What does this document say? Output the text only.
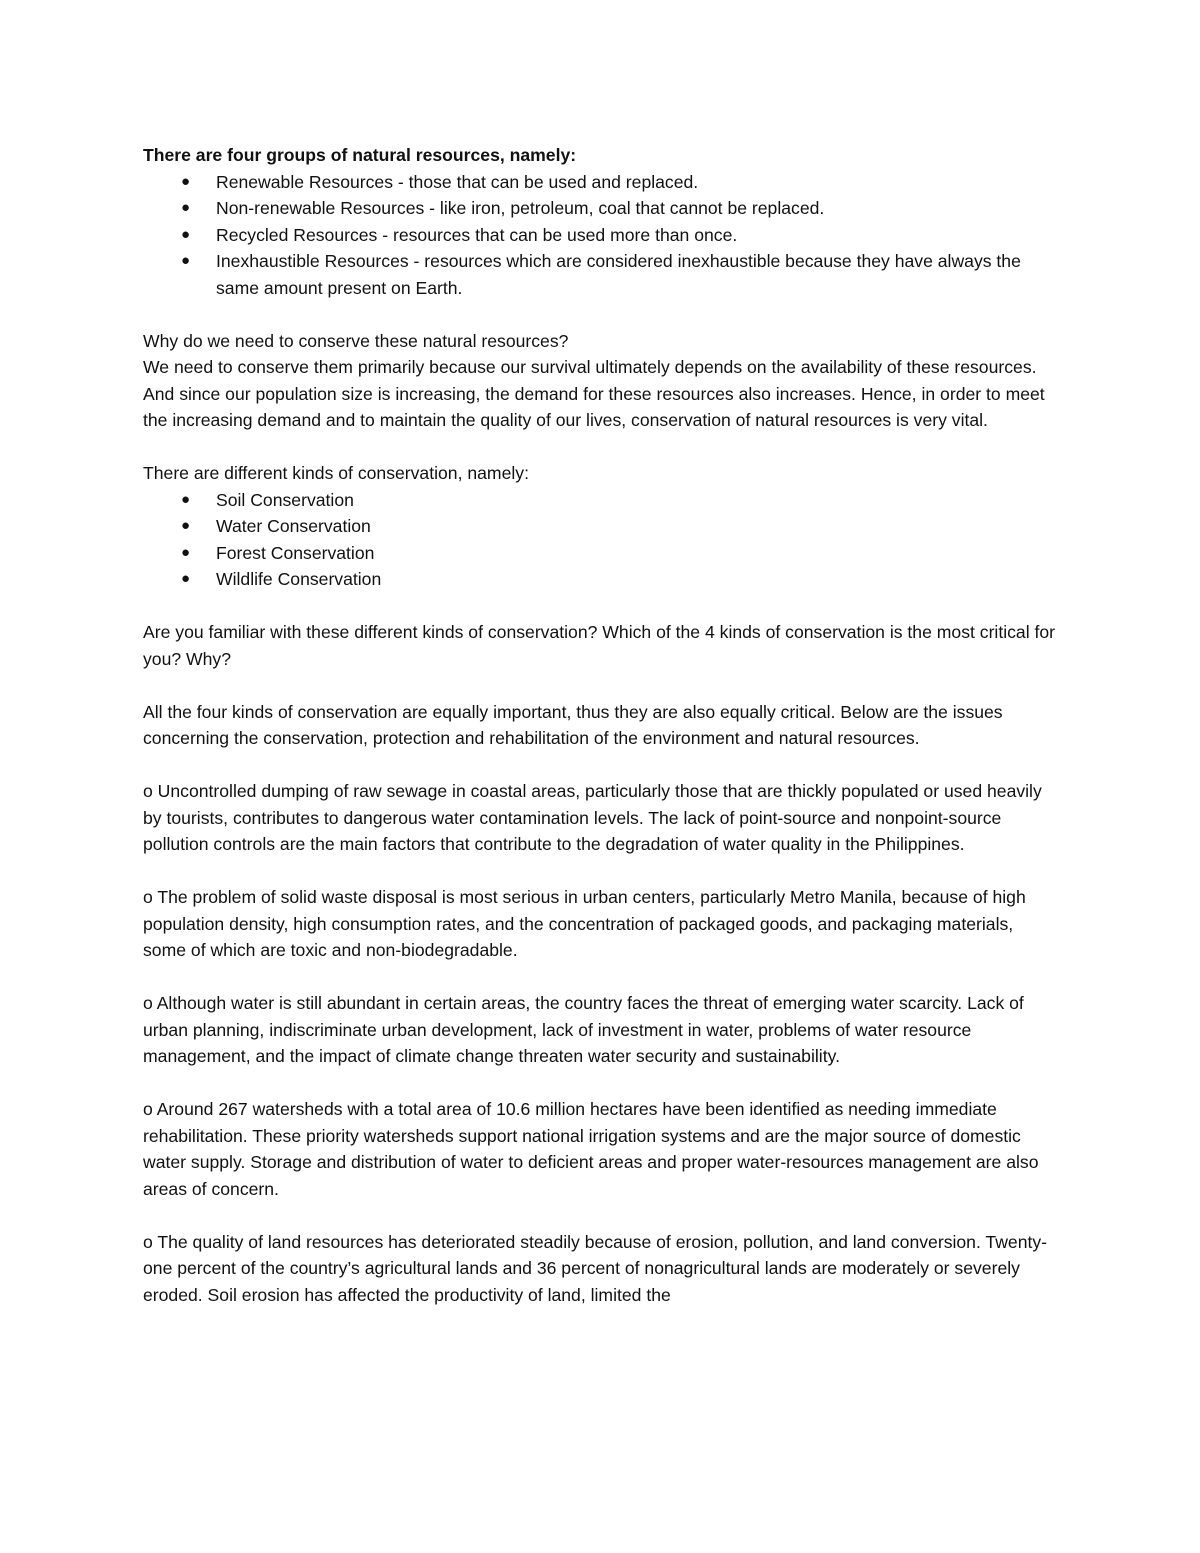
There are four groups of natural resources, namely:

● Renewable Resources - those that can be used and replaced.
● Non-renewable Resources - like iron, petroleum, coal that cannot be replaced.
● Recycled Resources - resources that can be used more than once.
● Inexhaustible Resources - resources which are considered inexhaustible because they have always the same amount present on Earth.

Why do we need to conserve these natural resources?

We need to conserve them primarily because our survival ultimately depends on the availability of these resources. And since our population size is increasing, the demand for these resources also increases. Hence, in order to meet the increasing demand and to maintain the quality of our lives, conservation of natural resources is very vital.

There are different kinds of conservation, namely:

● Soil Conservation
● Water Conservation
● Forest Conservation
● Wildlife Conservation

Are you familiar with these different kinds of conservation? Which of the 4 kinds of conservation is the most critical for you? Why?

All the four kinds of conservation are equally important, thus they are also equally critical. Below are the issues concerning the conservation, protection and rehabilitation of the environment and natural resources.

o Uncontrolled dumping of raw sewage in coastal areas, particularly those that are thickly populated or used heavily by tourists, contributes to dangerous water contamination levels. The lack of point-source and nonpoint-source pollution controls are the main factors that contribute to the degradation of water quality in the Philippines.

o The problem of solid waste disposal is most serious in urban centers, particularly Metro Manila, because of high population density, high consumption rates, and the concentration of packaged goods, and packaging materials, some of which are toxic and non-biodegradable.

o Although water is still abundant in certain areas, the country faces the threat of emerging water scarcity. Lack of urban planning, indiscriminate urban development, lack of investment in water, problems of water resource management, and the impact of climate change threaten water security and sustainability.

o Around 267 watersheds with a total area of 10.6 million hectares have been identified as needing immediate rehabilitation. These priority watersheds support national irrigation systems and are the major source of domestic water supply. Storage and distribution of water to deficient areas and proper water-resources management are also areas of concern.

o The quality of land resources has deteriorated steadily because of erosion, pollution, and land conversion. Twenty-one percent of the country’s agricultural lands and 36 percent of nonagricultural lands are moderately or severely eroded. Soil erosion has affected the productivity of land, limited the
